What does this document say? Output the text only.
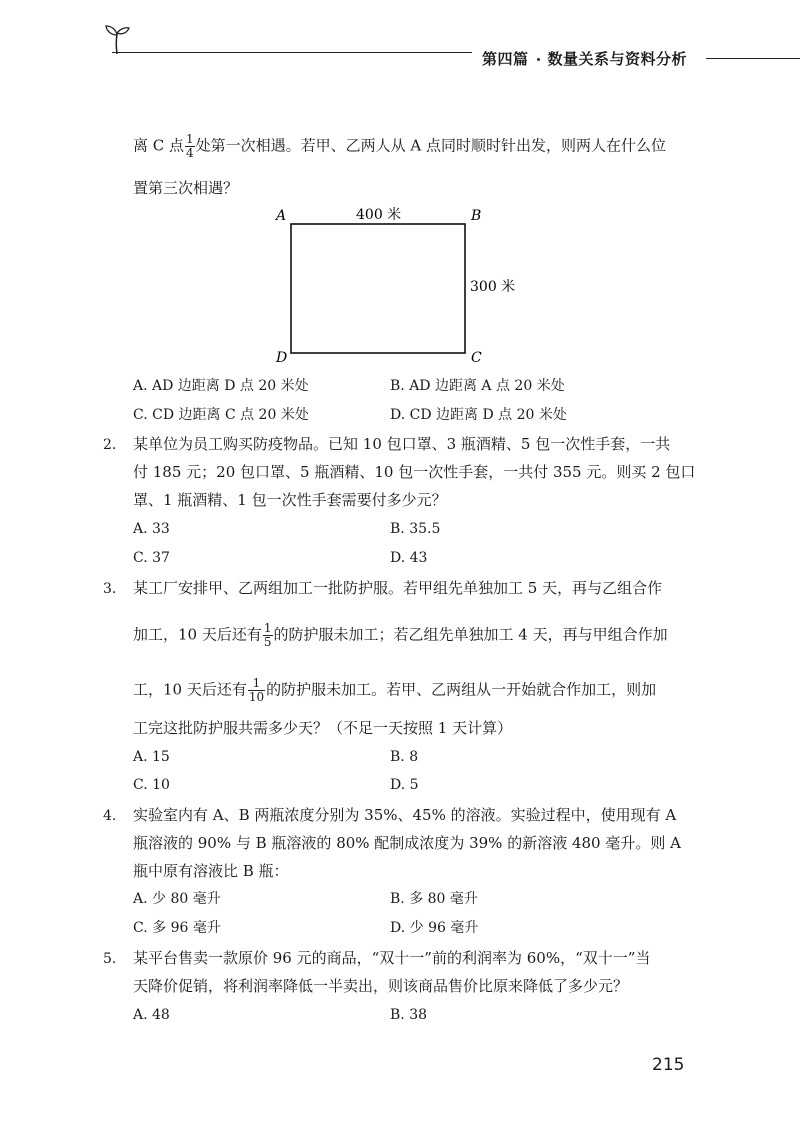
第四篇 数量关系与资料分析
离 C 点 $\frac{1}{4}$ 处第一次相遇。若甲、乙两人从 A 点同时顺时针出发，则两人在什么位
置第三次相遇？
A	B
C
D
400 米
300 米
A. AD 边距离 D 点 20 米处	B. AD 边距离 A 点 20 米处
C. CD 边距离 C 点 20 米处	D. CD 边距离 D 点 20 米处
2. 某单位为员工购买防疫物品。已知 10 包口罩、3 瓶酒精、5 包一次性手套，一共
付 185 元；20 包口罩、5 瓶酒精、10 包一次性手套，一共付 355 元。则买 2 包口
罩、1 瓶酒精、1 包一次性手套需要付多少元？
A. 33	B. 35.5
C. 37	D. 43
3. 某工厂安排甲、乙两组加工一批防护服。若甲组先单独加工 5 天，再与乙组合作
加工，10 天后还有 $\frac{1}{5}$ 的防护服未加工；若乙组先单独加工 4 天，再与甲组合作加
工，10 天后还有 $\frac{1}{10}$ 的防护服未加工。若甲、乙两组从一开始就合作加工，则加
工完这批防护服共需多少天？（不足一天按照 1 天计算）
A. 15	B. 8
C. 10	D. 5
4. 实验室内有 A、B 两瓶浓度分别为 35%、45% 的溶液。实验过程中，使用现有 A
瓶溶液的 90% 与 B 瓶溶液的 80% 配制成浓度为 39% 的新溶液 480 毫升。则 A
瓶中原有溶液比 B 瓶：
A. 少 80 毫升	B. 多 80 毫升
C. 多 96 毫升	D. 少 96 毫升
5. 某平台售卖一款原价 96 元的商品，“双十一”前的利润率为 60%，“双十一”当
天降价促销，将利润率降低一半卖出，则该商品售价比原来降低了多少元？
A. 48	B. 38
215
